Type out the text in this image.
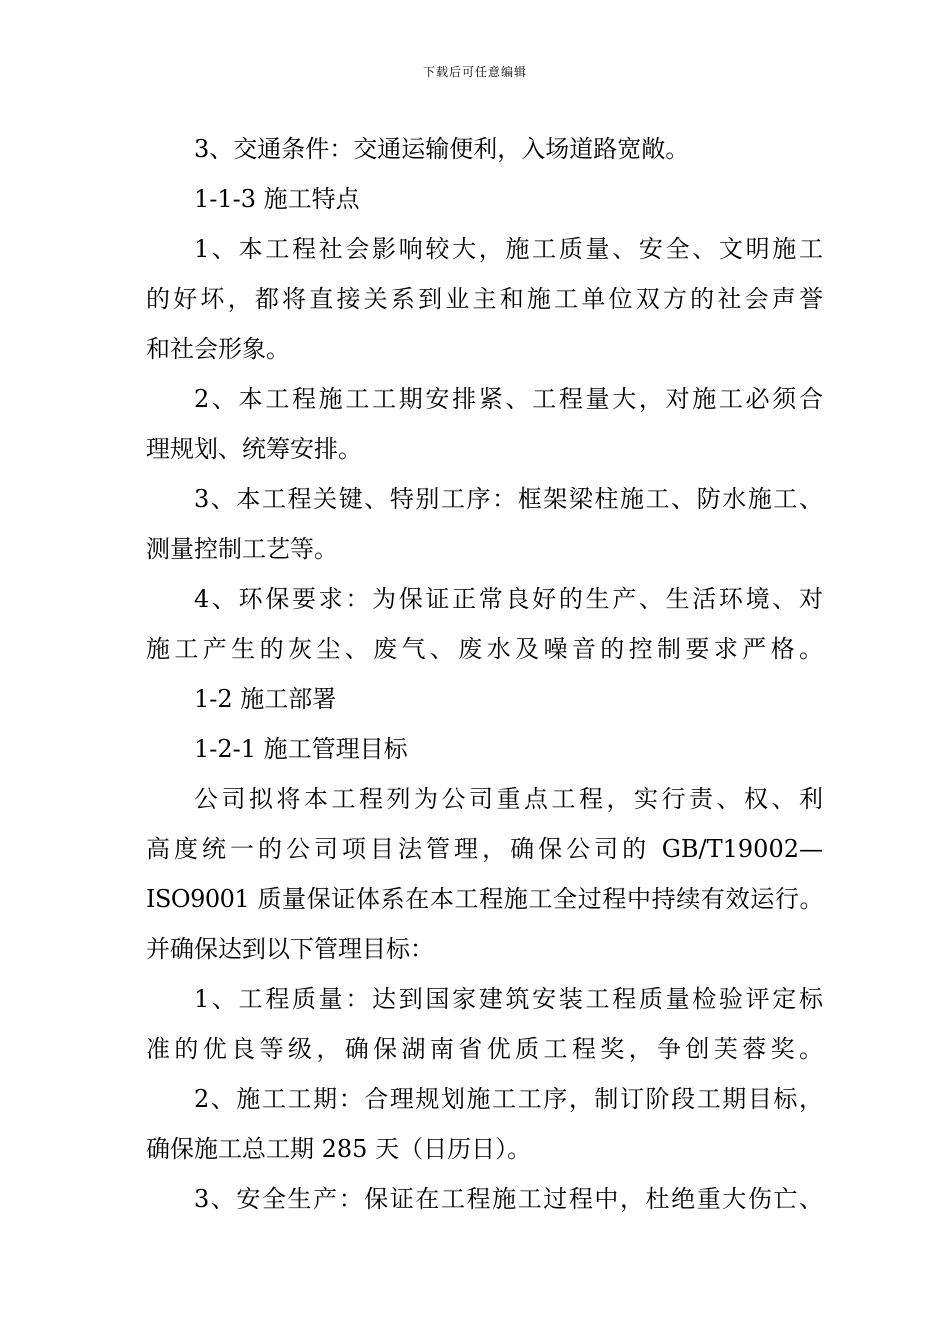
下载后可任意编辑
3、交通条件：交通运输便利，入场道路宽敞。
1-1-3 施工特点
1、本工程社会影响较大，施工质量、安全、文明施工
的好坏，都将直接关系到业主和施工单位双方的社会声誉
和社会形象。
2、本工程施工工期安排紧、工程量大，对施工必须合
理规划、统筹安排。
3、本工程关键、特别工序：框架梁柱施工、防水施工、
测量控制工艺等。
4、环保要求：为保证正常良好的生产、生活环境、对
施工产生的灰尘、废气、废水及噪音的控制要求严格。
1-2 施工部署
1-2-1 施工管理目标
公司拟将本工程列为公司重点工程，实行责、权、利
高度统一的公司项目法管理，确保公司的 GB/T19002—
ISO9001 质量保证体系在本工程施工全过程中持续有效运行。
并确保达到以下管理目标：
1、工程质量：达到国家建筑安装工程质量检验评定标
准的优良等级，确保湖南省优质工程奖，争创芙蓉奖。
2、施工工期：合理规划施工工序，制订阶段工期目标，
确保施工总工期 285 天（日历日）。
3、安全生产：保证在工程施工过程中，杜绝重大伤亡、
